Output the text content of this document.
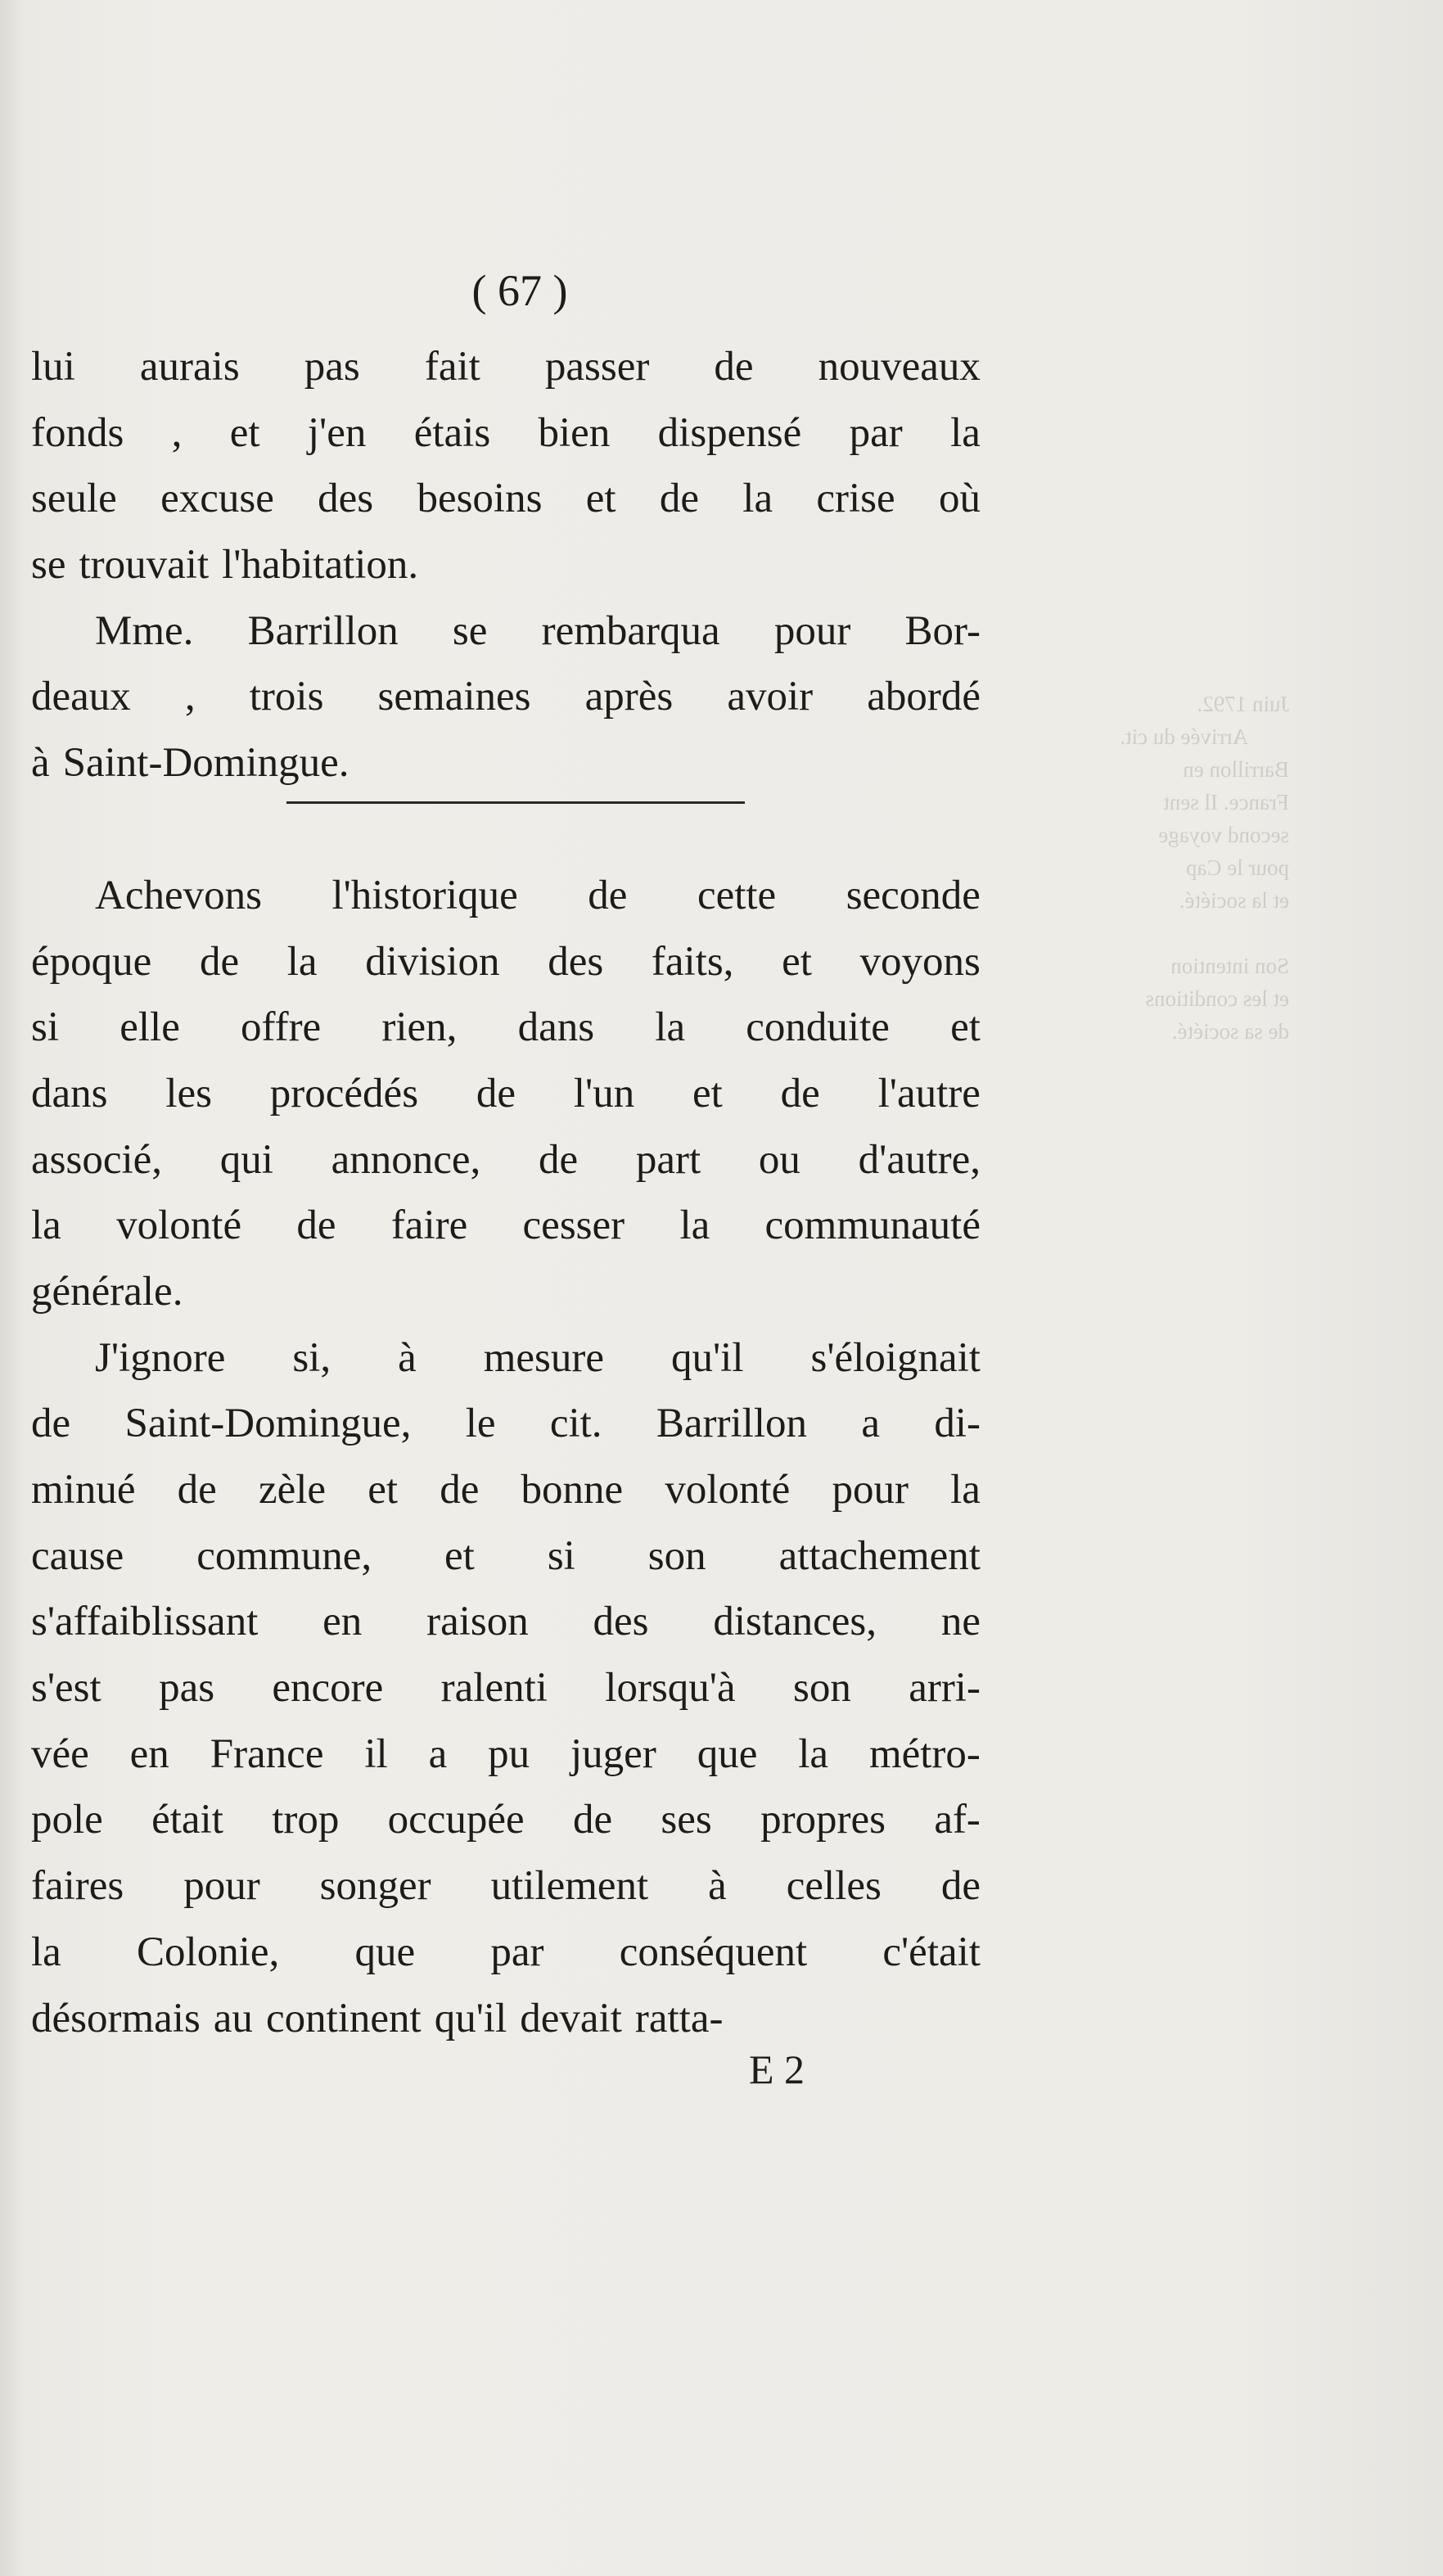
Juin 1792.
Arrivée du cit.
Barrillon en
France. Il sent
second voyage
pour le Cap
et la société.
Son intention
et les conditions
de sa société.
( 67 )
lui aurais pas fait passer de nouveaux
fonds , et j'en étais bien dispensé par la
seule excuse des besoins et de la crise où
se trouvait l'habitation.
Mme. Barrillon se rembarqua pour Bor-
deaux , trois semaines après avoir abordé
à Saint-Domingue.
Achevons l'historique de cette seconde
époque de la division des faits, et voyons
si elle offre rien, dans la conduite et
dans les procédés de l'un et de l'autre
associé, qui annonce, de part ou d'autre,
la volonté de faire cesser la communauté
générale.
J'ignore si, à mesure qu'il s'éloignait
de Saint-Domingue, le cit. Barrillon a di-
minué de zèle et de bonne volonté pour la
cause commune, et si son attachement
s'affaiblissant en raison des distances, ne
s'est pas encore ralenti lorsqu'à son arri-
vée en France il a pu juger que la métro-
pole était trop occupée de ses propres af-
faires pour songer utilement à celles de
la Colonie, que par conséquent c'était
désormais au continent qu'il devait ratta-
E 2
